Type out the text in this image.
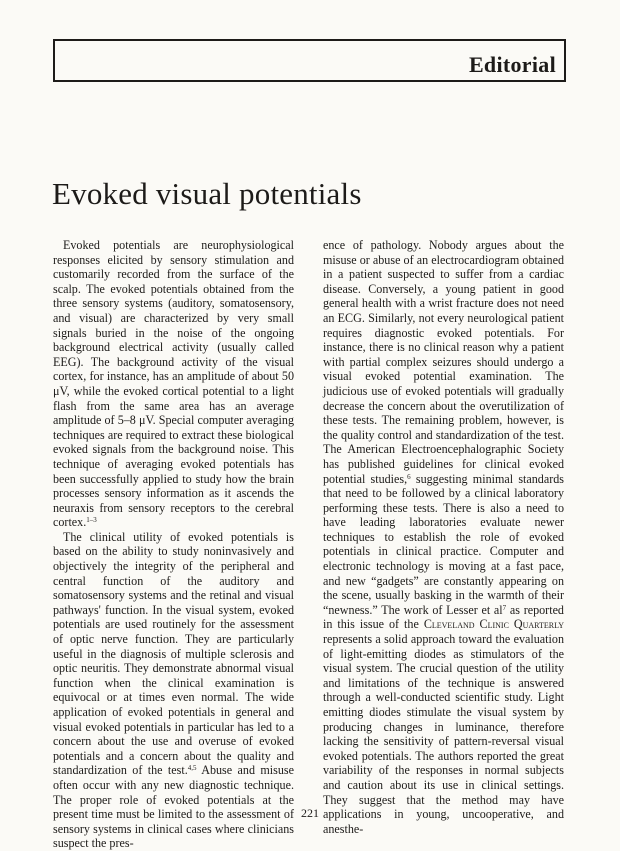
Editorial
Evoked visual potentials

Evoked potentials are neurophysiological responses elicited by sensory stimulation and customarily recorded from the surface of the scalp. The evoked potentials obtained from the three sensory systems (auditory, somatosensory, and visual) are characterized by very small signals buried in the noise of the ongoing background electrical activity (usually called EEG). The background activity of the visual cortex, for instance, has an amplitude of about 50 μV, while the evoked cortical potential to a light flash from the same area has an average amplitude of 5–8 μV. Special computer averaging techniques are required to extract these biological evoked signals from the background noise. This technique of averaging evoked potentials has been successfully applied to study how the brain processes sensory information as it ascends the neuraxis from sensory receptors to the cerebral cortex.$^{1-3}$

The clinical utility of evoked potentials is based on the ability to study noninvasively and objectively the integrity of the peripheral and central function of the auditory and somatosensory systems and the retinal and visual pathways' function. In the visual system, evoked potentials are used routinely for the assessment of optic nerve function. They are particularly useful in the diagnosis of multiple sclerosis and optic neuritis. They demonstrate abnormal visual function when the clinical examination is equivocal or at times even normal. The wide application of evoked potentials in general and visual evoked potentials in particular has led to a concern about the use and overuse of evoked potentials and a concern about the quality and standardization of the test.$^{4,5}$ Abuse and misuse often occur with any new diagnostic technique. The proper role of evoked potentials at the present time must be limited to the assessment of sensory systems in clinical cases where clinicians suspect the pres-

ence of pathology. Nobody argues about the misuse or abuse of an electrocardiogram obtained in a patient suspected to suffer from a cardiac disease. Conversely, a young patient in good general health with a wrist fracture does not need an ECG. Similarly, not every neurological patient requires diagnostic evoked potentials. For instance, there is no clinical reason why a patient with partial complex seizures should undergo a visual evoked potential examination. The judicious use of evoked potentials will gradually decrease the concern about the overutilization of these tests. The remaining problem, however, is the quality control and standardization of the test. The American Electroencephalographic Society has published guidelines for clinical evoked potential studies,$^6$ suggesting minimal standards that need to be followed by a clinical laboratory performing these tests. There is also a need to have leading laboratories evaluate newer techniques to establish the role of evoked potentials in clinical practice. Computer and electronic technology is moving at a fast pace, and new “gadgets” are constantly appearing on the scene, usually basking in the warmth of their “newness.” The work of Lesser et $al^7$ as reported in this issue of the Cleveland Clinic Quarterly represents a solid approach toward the evaluation of light-emitting diodes as stimulators of the visual system. The crucial question of the utility and limitations of the technique is answered through a well-conducted scientific study. Light emitting diodes stimulate the visual system by producing changes in luminance, therefore lacking the sensitivity of pattern-reversal visual evoked potentials. The authors reported the great variability of the responses in normal subjects and caution about its use in clinical settings. They suggest that the method may have applications in young, uncooperative, and anesthe-

221
